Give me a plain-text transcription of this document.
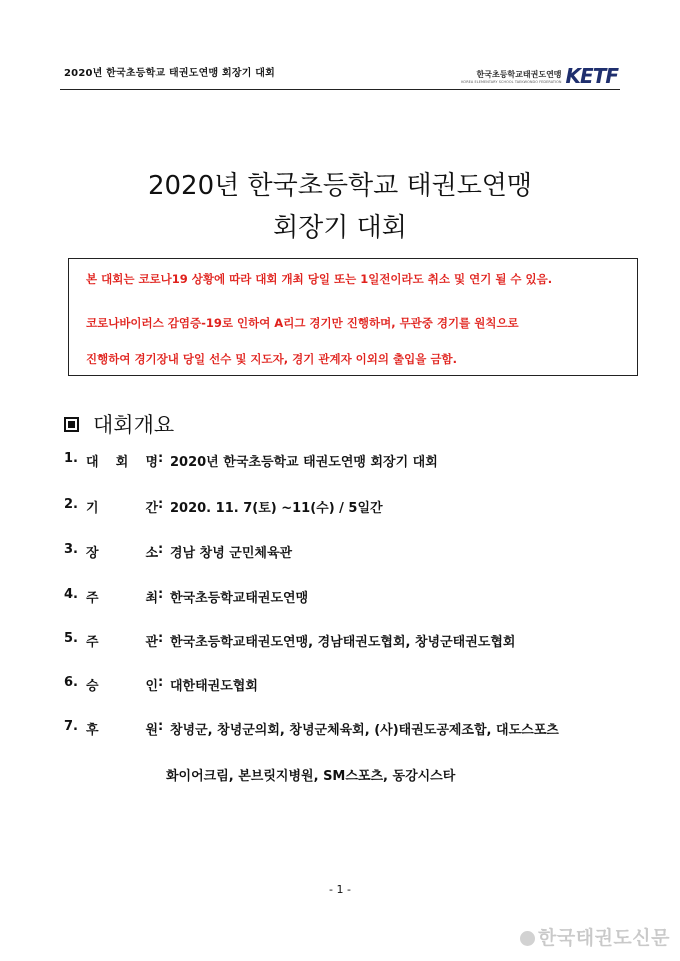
2020년 한국초등학교 태권도연맹 회장기 대회	한국초등학교태권도연맹
KOREA ELEMENTARY SCHOOL TAEKWONDO FEDERATION KETF
2020년 한국초등학교 태권도연맹
회장기 대회
본 대회는 코로나19 상황에 따라 대회 개최 당일 또는 1일전이라도 취소 및 연기 될 수 있음.
코로나바이러스 감염증-19로 인하여 A리그 경기만 진행하며, 무관중 경기를 원칙으로
진행하여 경기장내 당일 선수 및 지도자, 경기 관계자 이외의 출입을 금함.
대회개요
1. 대 회 명 : 2020년 한국초등학교 태권도연맹 회장기 대회
2. 기	간 : 2020. 11. 7(토) ~11(수) / 5일간
3. 장	소 : 경남 창녕 군민체육관
4. 주	최 : 한국초등학교태권도연맹
5. 주	관 : 한국초등학교태권도연맹, 경남태권도협회, 창녕군태권도협회
6. 승	인 : 대한태권도협회
7. 후	원 : 창녕군, 창녕군의회, 창녕군체육회, (사)태권도공제조합, 대도스포츠
화이어크림, 본브릿지병원, SM스포츠, 동강시스타
- 1 -
한국태권도신문
